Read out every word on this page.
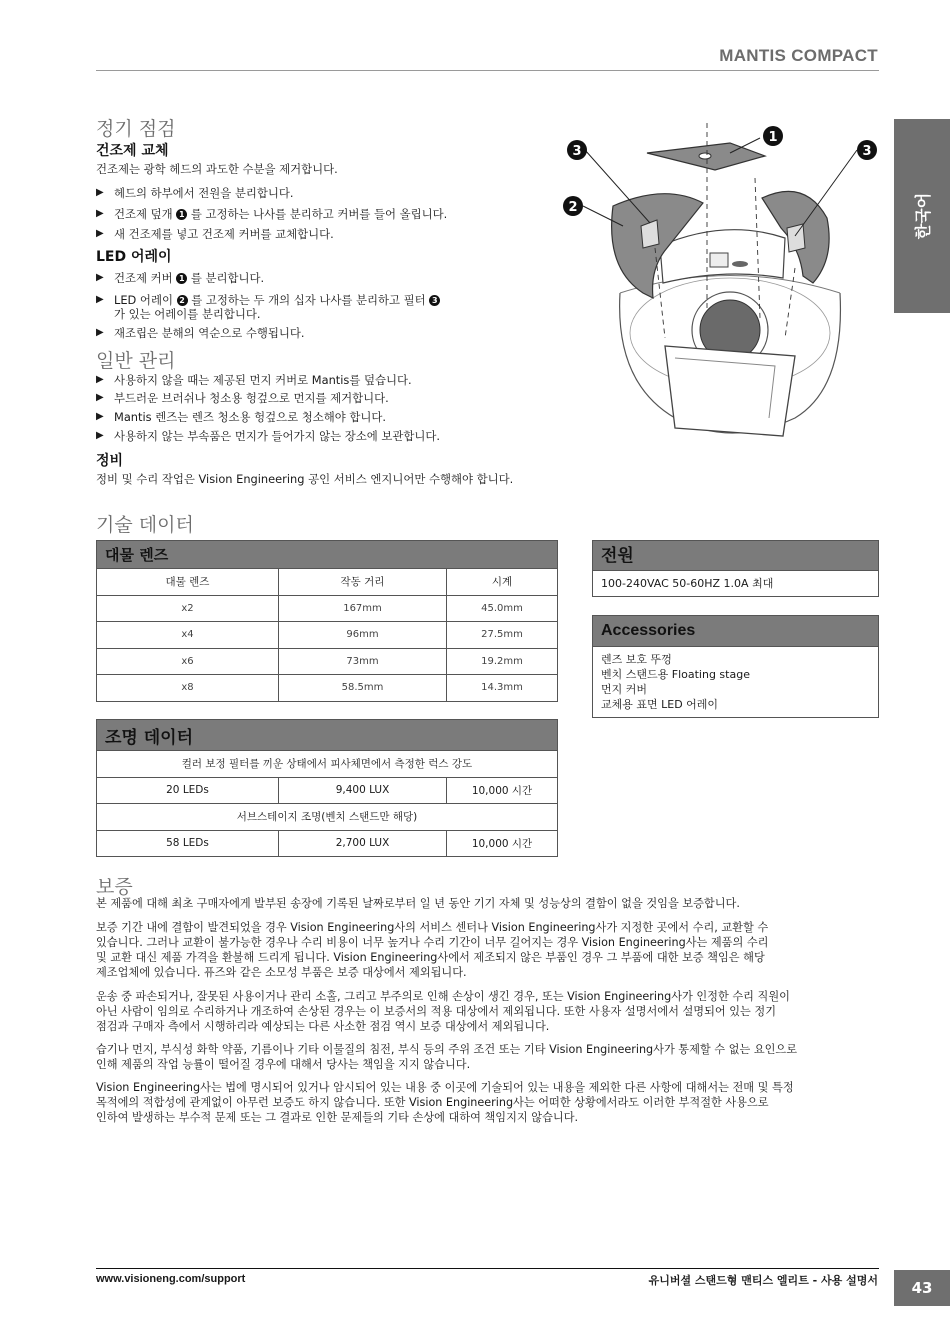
MANTIS COMPACT
한국어
정기 점검
건조제 교체
건조제는 광학 헤드의 과도한 수분을 제거합니다.
▶ 헤드의 하부에서 전원을 분리합니다.
▶ 건조제 덮개 1 를 고정하는 나사를 분리하고 커버를 들어 올립니다.
▶ 새 건조제를 넣고 건조제 커버를 교체합니다.
LED 어레이
▶ 건조제 커버 1 를 분리합니다.
▶ LED 어레이 2 를 고정하는 두 개의 십자 나사를 분리하고 필터 3
가 있는 어레이를 분리합니다.
▶ 재조립은 분해의 역순으로 수행됩니다.
일반 관리
▶ 사용하지 않을 때는 제공된 먼지 커버로 Mantis를 덮습니다.
▶ 부드러운 브러쉬나 청소용 헝겊으로 먼지를 제거합니다.
▶ Mantis 렌즈는 렌즈 청소용 헝겊으로 청소해야 합니다.
▶ 사용하지 않는 부속품은 먼지가 들어가지 않는 장소에 보관합니다.
정비
정비 및 수리 작업은 Vision Engineering 공인 서비스 엔지니어만 수행해야 합니다.
3
1
2
3
기술 데이터
대물 렌즈		
대물 렌즈	작동 거리	시계
x2	167mm	45.0mm
x4	96mm	27.5mm
x6	73mm	19.2mm
x8	58.5mm	14.3mm
조명 데이터		
컬러 보정 필터를 끼운 상태에서 피사체면에서 측정한 럭스 강도		
20 LEDs	9,400 LUX	10,000 시간
서브스테이지 조명(벤치 스탠드만 해당)		
58 LEDs	2,700 LUX	10,000 시간
전원
100-240VAC 50-60HZ 1.0A 최대
Accessories
렌즈 보호 뚜껑
벤치 스탠드용 Floating stage
먼지 커버
교체용 표면 LED 어레이
보증
본 제품에 대해 최초 구매자에게 발부된 송장에 기록된 날짜로부터 일 년 동안 기기 자체 및 성능상의 결함이 없을 것임을 보증합니다.
보증 기간 내에 결함이 발견되었을 경우 Vision Engineering사의 서비스 센터나 Vision Engineering사가 지정한 곳에서 수리, 교환할 수
있습니다. 그러나 교환이 불가능한 경우나 수리 비용이 너무 높거나 수리 기간이 너무 길어지는 경우 Vision Engineering사는 제품의 수리
및 교환 대신 제품 가격을 환불해 드리게 됩니다. Vision Engineering사에서 제조되지 않은 부품인 경우 그 부품에 대한 보증 책임은 해당
제조업체에 있습니다. 퓨즈와 같은 소모성 부품은 보증 대상에서 제외됩니다.
운송 중 파손되거나, 잘못된 사용이거나 관리 소홀, 그리고 부주의로 인해 손상이 생긴 경우, 또는 Vision Engineering사가 인정한 수리 직원이
아닌 사람이 임의로 수리하거나 개조하여 손상된 경우는 이 보증서의 적용 대상에서 제외됩니다. 또한 사용자 설명서에서 설명되어 있는 정기
점검과 구매자 측에서 시행하리라 예상되는 다른 사소한 점검 역시 보증 대상에서 제외됩니다.
습기나 먼지, 부식성 화학 약품, 기름이나 기타 이물질의 침전, 부식 등의 주위 조건 또는 기타 Vision Engineering사가 통제할 수 없는 요인으로
인해 제품의 작업 능률이 떨어질 경우에 대해서 당사는 책임을 지지 않습니다.
Vision Engineering사는 법에 명시되어 있거나 암시되어 있는 내용 중 이곳에 기술되어 있는 내용을 제외한 다른 사항에 대해서는 전매 및 특정
목적에의 적합성에 관계없이 아무런 보증도 하지 않습니다. 또한 Vision Engineering사는 어떠한 상황에서라도 이러한 부적절한 사용으로
인하여 발생하는 부수적 문제 또는 그 결과로 인한 문제들의 기타 손상에 대하여 책임지지 않습니다.
www.visioneng.com/support	유니버셜 스탠드형 맨티스 엘리트 - 사용 설명서	43
